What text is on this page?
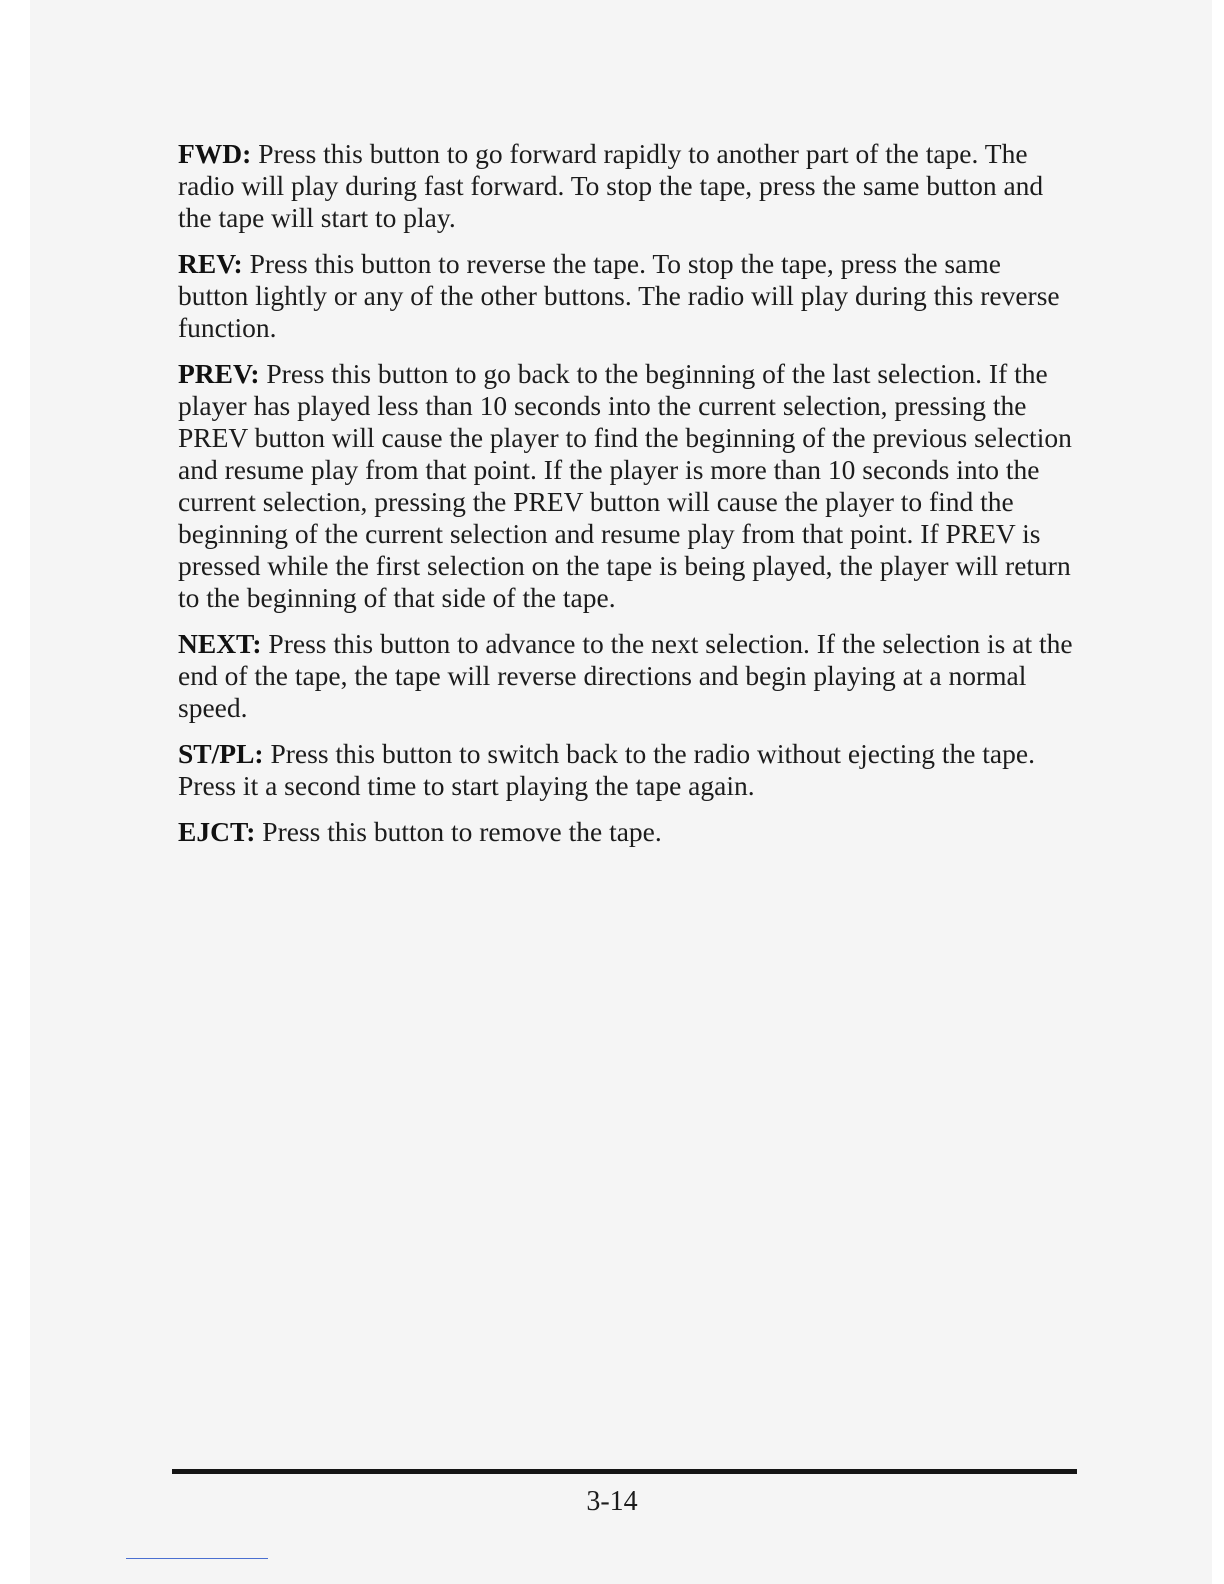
FWD: Press this button to go forward rapidly to another part of the tape. The radio will play during fast forward. To stop the tape, press the same button and the tape will start to play.

REV: Press this button to reverse the tape. To stop the tape, press the same button lightly or any of the other buttons. The radio will play during this reverse function.

PREV: Press this button to go back to the beginning of the last selection. If the player has played less than 10 seconds into the current selection, pressing the PREV button will cause the player to find the beginning of the previous selection and resume play from that point. If the player is more than 10 seconds into the current selection, pressing the PREV button will cause the player to find the beginning of the current selection and resume play from that point. If PREV is pressed while the first selection on the tape is being played, the player will return to the beginning of that side of the tape.

NEXT: Press this button to advance to the next selection. If the selection is at the end of the tape, the tape will reverse directions and begin playing at a normal speed.

ST/PL: Press this button to switch back to the radio without ejecting the tape. Press it a second time to start playing the tape again.

EJCT: Press this button to remove the tape.

3-14
